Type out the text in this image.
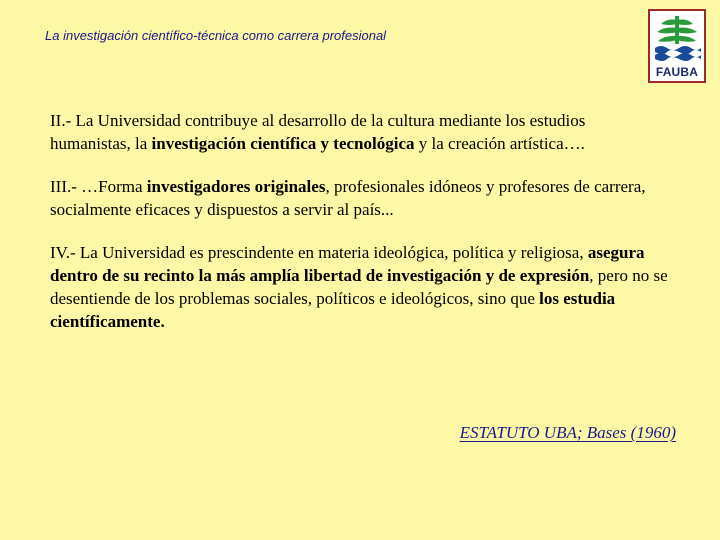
La investigación científico-técnica como carrera profesional
FAUBA

II.- La Universidad contribuye al desarrollo de la cultura mediante los estudios humanistas, la investigación científica y tecnológica y la creación artística….

III.- …Forma investigadores originales, profesionales idóneos y profesores de carrera, socialmente eficaces y dispuestos a servir al país...

IV.- La Universidad es prescindente en materia ideológica, política y religiosa, asegura dentro de su recinto la más amplía libertad de investigación y de expresión, pero no se desentiende de los problemas sociales, políticos e ideológicos, sino que los estudia científicamente.

ESTATUTO UBA; Bases (1960)
